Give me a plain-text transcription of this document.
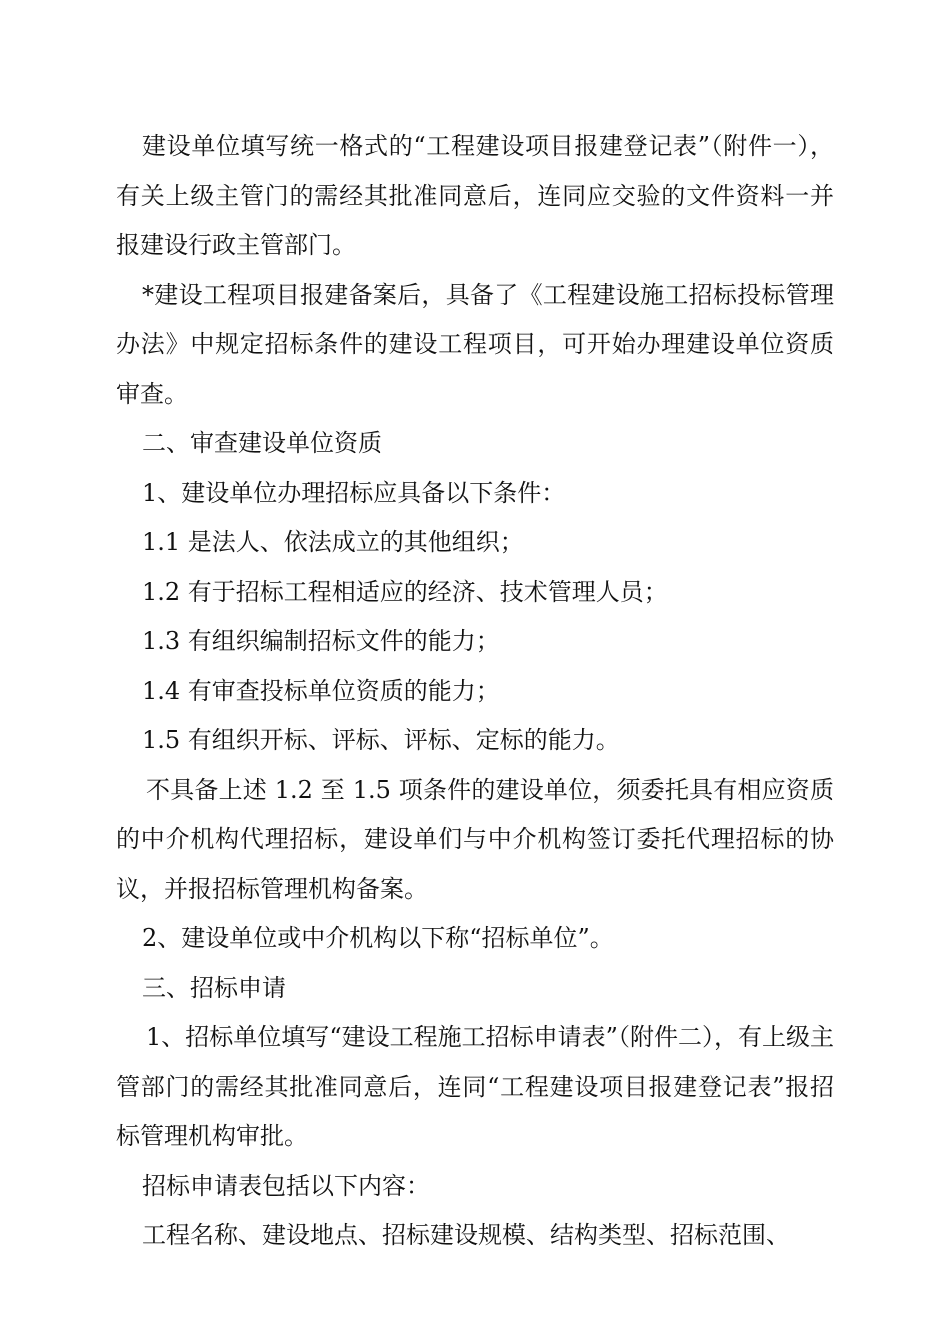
建设单位填写统一格式的“工程建设项目报建登记表”（附件一），有关上级主管门的需经其批准同意后，连同应交验的文件资料一并报建设行政主管部门。

*建设工程项目报建备案后，具备了《工程建设施工招标投标管理办法》中规定招标条件的建设工程项目，可开始办理建设单位资质审查。

二、审查建设单位资质

1、建设单位办理招标应具备以下条件：

1.1 是法人、依法成立的其他组织；

1.2 有于招标工程相适应的经济、技术管理人员；

1.3 有组织编制招标文件的能力；

1.4 有审查投标单位资质的能力；

1.5 有组织开标、评标、评标、定标的能力。

不具备上述 1.2 至 1.5 项条件的建设单位，须委托具有相应资质的中介机构代理招标，建设单们与中介机构签订委托代理招标的协议，并报招标管理机构备案。

2、建设单位或中介机构以下称“招标单位”。

三、招标申请

1、招标单位填写“建设工程施工招标申请表”（附件二），有上级主管部门的需经其批准同意后，连同“工程建设项目报建登记表”报招标管理机构审批。

招标申请表包括以下内容：

工程名称、建设地点、招标建设规模、结构类型、招标范围、
